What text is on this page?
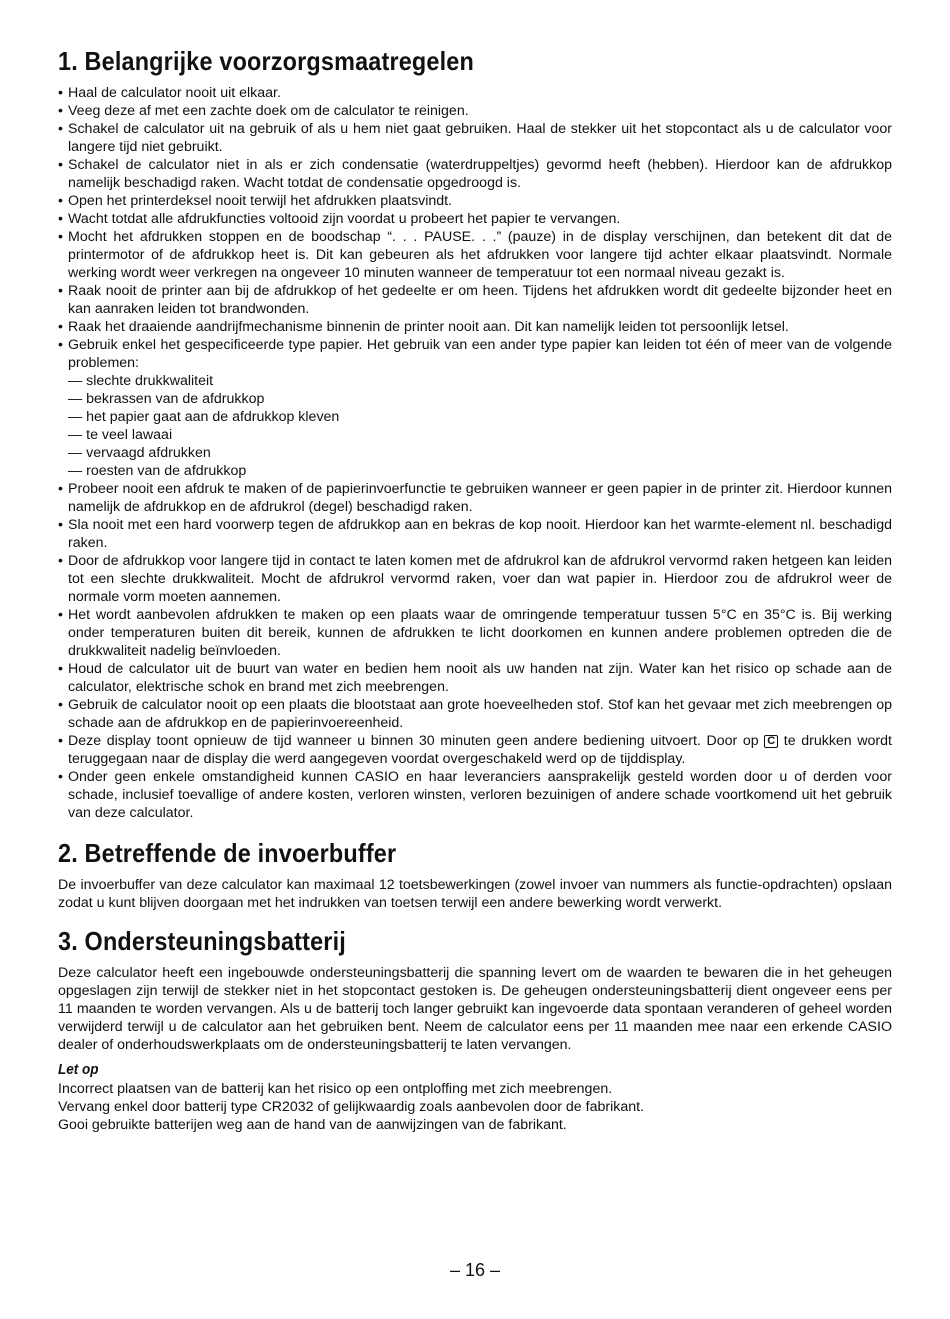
1. Belangrijke voorzorgsmaatregelen
• Haal de calculator nooit uit elkaar.
• Veeg deze af met een zachte doek om de calculator te reinigen.
• Schakel de calculator uit na gebruik of als u hem niet gaat gebruiken. Haal de stekker uit het stopcontact als u de calculator voor langere tijd niet gebruikt.
• Schakel de calculator niet in als er zich condensatie (waterdruppeltjes) gevormd heeft (hebben). Hierdoor kan de afdrukkop namelijk beschadigd raken. Wacht totdat de condensatie opgedroogd is.
• Open het printerdeksel nooit terwijl het afdrukken plaatsvindt.
• Wacht totdat alle afdrukfuncties voltooid zijn voordat u probeert het papier te vervangen.
• Mocht het afdrukken stoppen en de boodschap “. . . PAUSE. . .” (pauze) in de display verschijnen, dan betekent dit dat de printermotor of de afdrukkop heet is. Dit kan gebeuren als het afdrukken voor langere tijd achter elkaar plaatsvindt. Normale werking wordt weer verkregen na ongeveer 10 minuten wanneer de temperatuur tot een normaal niveau gezakt is.
• Raak nooit de printer aan bij de afdrukkop of het gedeelte er om heen. Tijdens het afdrukken wordt dit gedeelte bijzonder heet en kan aanraken leiden tot brandwonden.
• Raak het draaiende aandrijfmechanisme binnenin de printer nooit aan. Dit kan namelijk leiden tot persoonlijk letsel.
• Gebruik enkel het gespecificeerde type papier. Het gebruik van een ander type papier kan leiden tot één of meer van de volgende problemen:
— slechte drukkwaliteit
— bekrassen van de afdrukkop
— het papier gaat aan de afdrukkop kleven
— te veel lawaai
— vervaagd afdrukken
— roesten van de afdrukkop
• Probeer nooit een afdruk te maken of de papierinvoerfunctie te gebruiken wanneer er geen papier in de printer zit. Hierdoor kunnen namelijk de afdrukkop en de afdrukrol (degel) beschadigd raken.
• Sla nooit met een hard voorwerp tegen de afdrukkop aan en bekras de kop nooit. Hierdoor kan het warmte-element nl. beschadigd raken.
• Door de afdrukkop voor langere tijd in contact te laten komen met de afdrukrol kan de afdrukrol vervormd raken hetgeen kan leiden tot een slechte drukkwaliteit. Mocht de afdrukrol vervormd raken, voer dan wat papier in. Hierdoor zou de afdrukrol weer de normale vorm moeten aannemen.
• Het wordt aanbevolen afdrukken te maken op een plaats waar de omringende temperatuur tussen 5°C en 35°C is. Bij werking onder temperaturen buiten dit bereik, kunnen de afdrukken te licht doorkomen en kunnen andere problemen optreden die de drukkwaliteit nadelig beïnvloeden.
• Houd de calculator uit de buurt van water en bedien hem nooit als uw handen nat zijn. Water kan het risico op schade aan de calculator, elektrische schok en brand met zich meebrengen.
• Gebruik de calculator nooit op een plaats die blootstaat aan grote hoeveelheden stof. Stof kan het gevaar met zich meebrengen op schade aan de afdrukkop en de papierinvoereenheid.
• Deze display toont opnieuw de tijd wanneer u binnen 30 minuten geen andere bediening uitvoert. Door op C te drukken wordt teruggegaan naar de display die werd aangegeven voordat overgeschakeld werd op de tijddisplay.
• Onder geen enkele omstandigheid kunnen CASIO en haar leveranciers aansprakelijk gesteld worden door u of derden voor schade, inclusief toevallige of andere kosten, verloren winsten, verloren bezuinigen of andere schade voortkomend uit het gebruik van deze calculator.
2. Betreffende de invoerbuffer

De invoerbuffer van deze calculator kan maximaal 12 toetsbewerkingen (zowel invoer van nummers als functie-opdrachten) opslaan zodat u kunt blijven doorgaan met het indrukken van toetsen terwijl een andere bewerking wordt verwerkt.

3. Ondersteuningsbatterij

Deze calculator heeft een ingebouwde ondersteuningsbatterij die spanning levert om de waarden te bewaren die in het geheugen opgeslagen zijn terwijl de stekker niet in het stopcontact gestoken is. De geheugen ondersteuningsbatterij dient ongeveer eens per 11 maanden te worden vervangen. Als u de batterij toch langer gebruikt kan ingevoerde data spontaan veranderen of geheel worden verwijderd terwijl u de calculator aan het gebruiken bent. Neem de calculator eens per 11 maanden mee naar een erkende CASIO dealer of onderhoudswerkplaats om de ondersteuningsbatterij te laten vervangen.

Let op
Incorrect plaatsen van de batterij kan het risico op een ontploffing met zich meebrengen.
Vervang enkel door batterij type CR2032 of gelijkwaardig zoals aanbevolen door de fabrikant.
Gooi gebruikte batterijen weg aan de hand van de aanwijzingen van de fabrikant.
– 16 –
